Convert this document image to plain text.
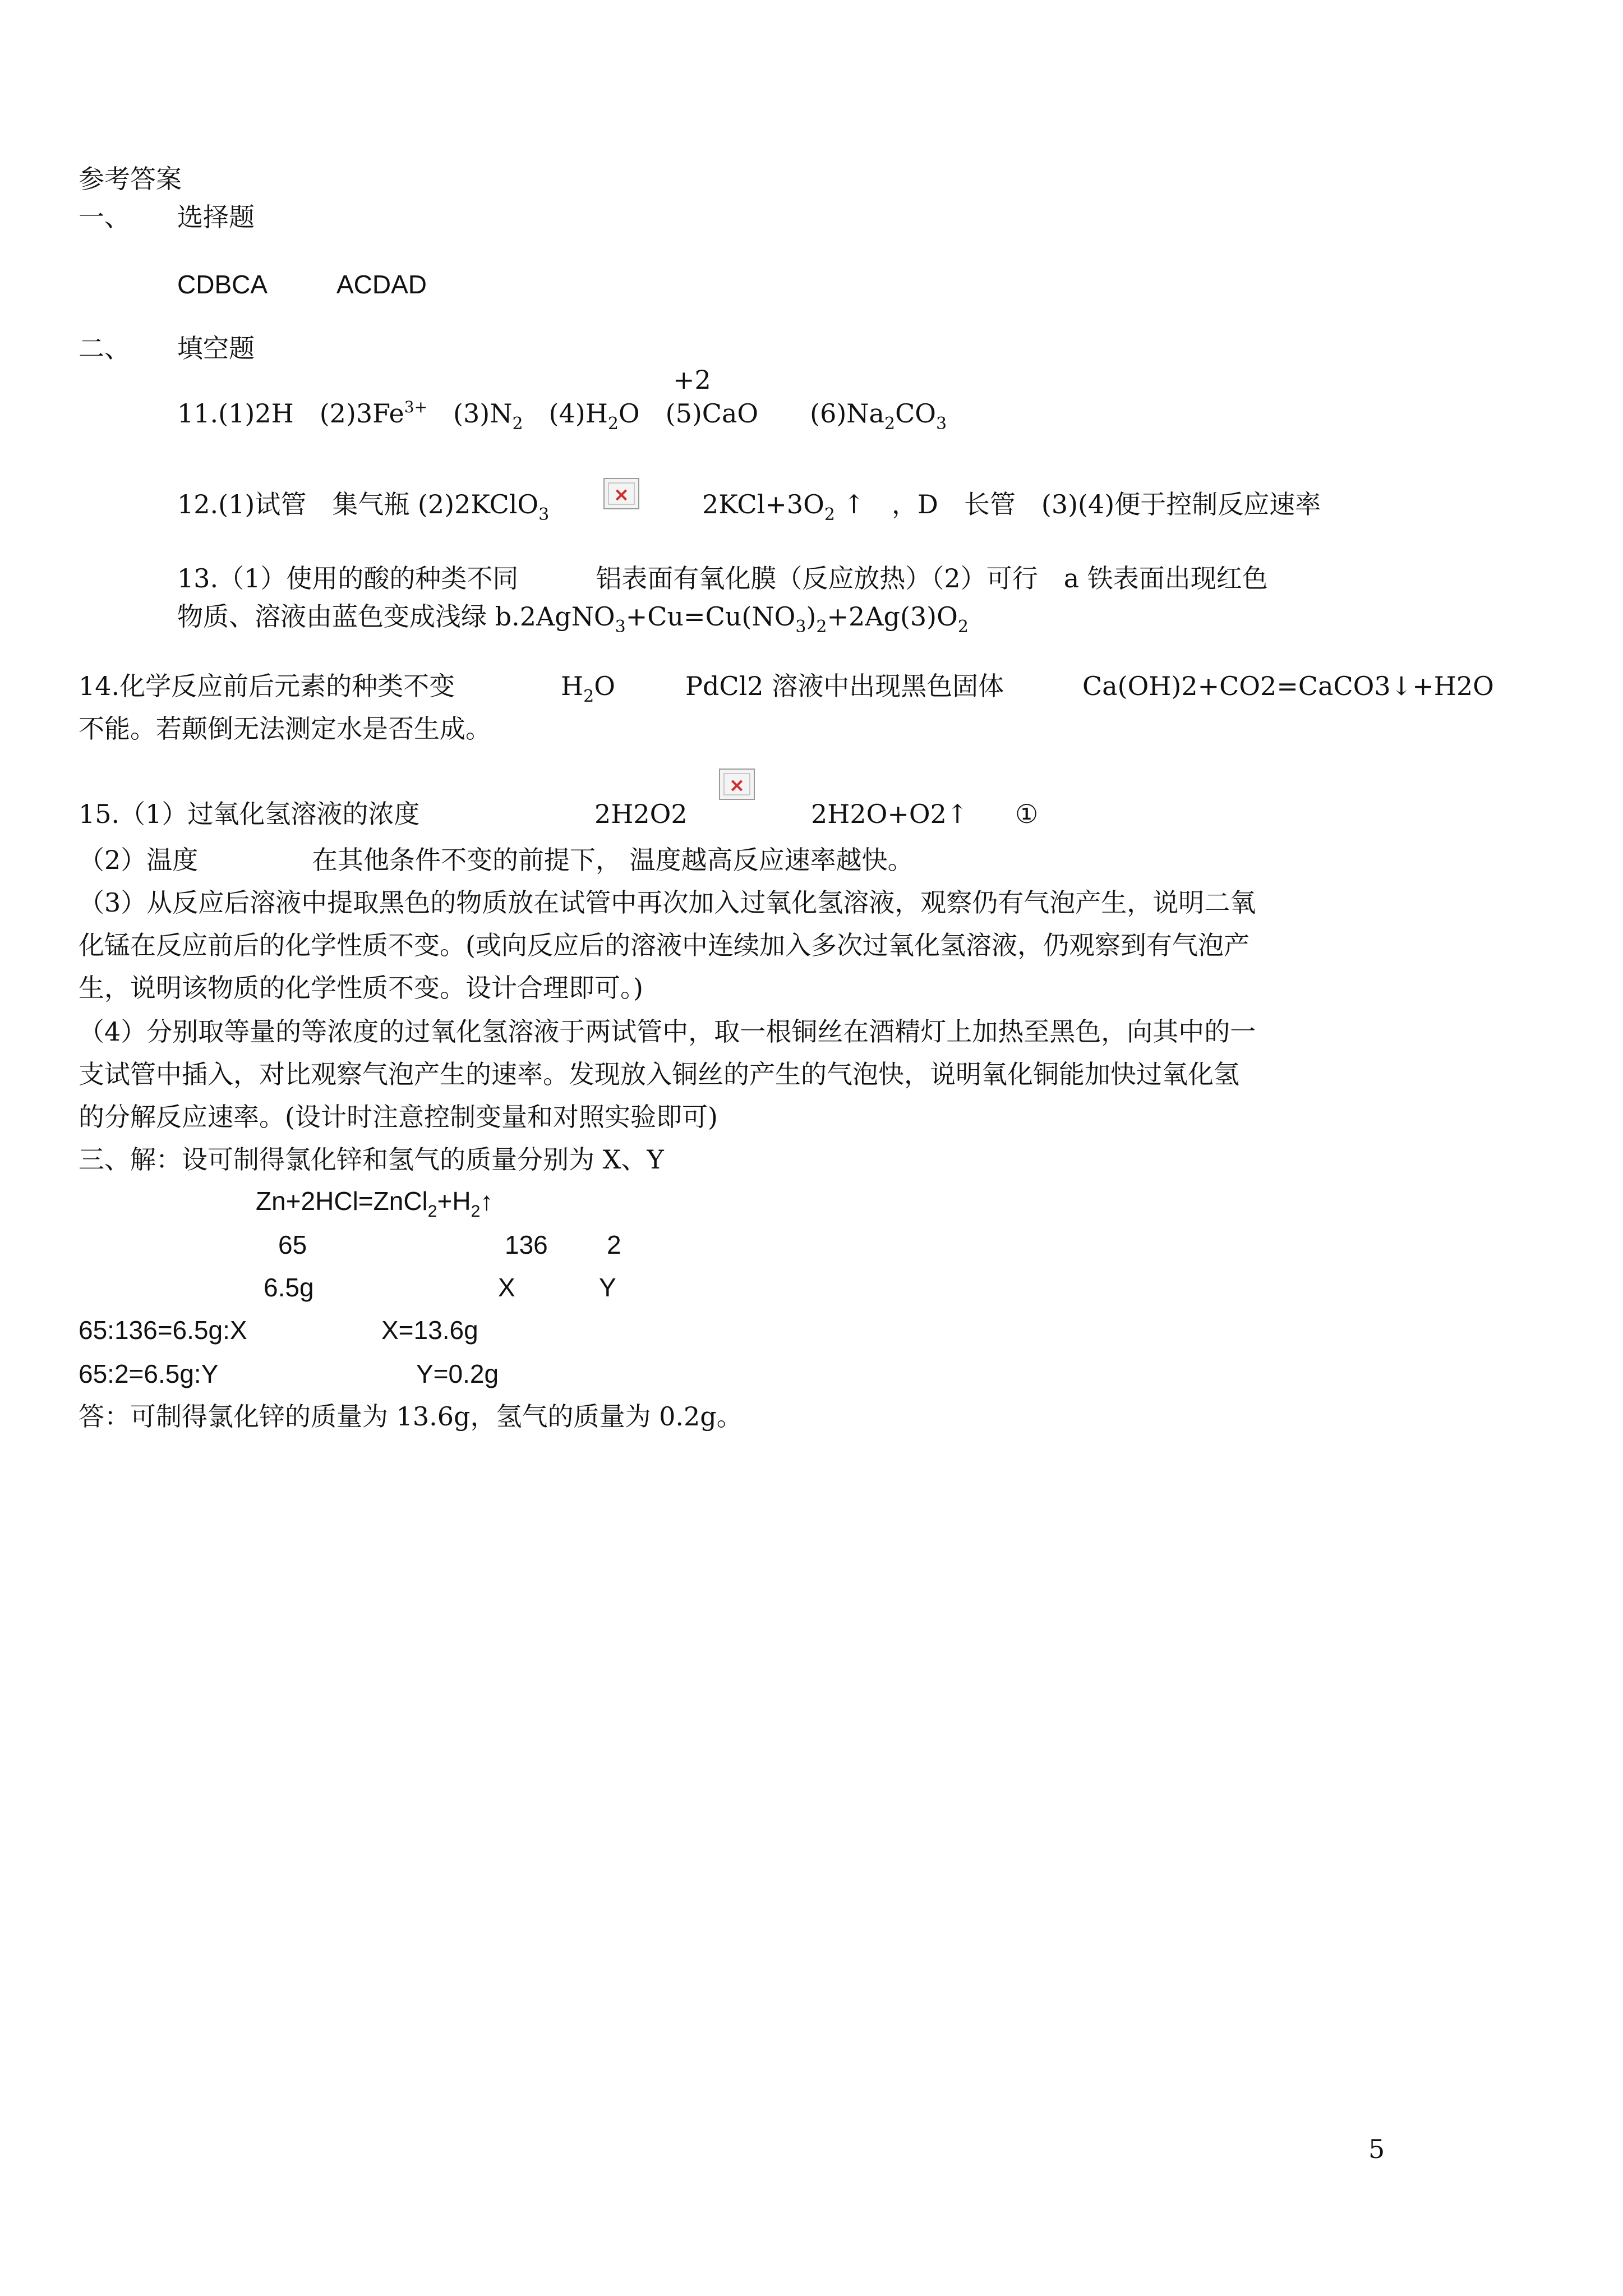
参考答案
一、 选择题
CDBCA	ACDAD
二、 填空题
+2
11.(1)2H　$(2)3Fe^{3+}$　$(3)N_2$　$(4)H_2O$　(5)CaO　　$(6)Na_2CO_3$
12.(1)试管　集气瓶 (2)2KClO$_3$
×	$2KCl+3O_2$ ↑ ，D　长管　(3)(4)便于控制反应速率
13.（1）使用的酸的种类不同　　　铝表面有氧化膜（反应放热）（2）可行　a 铁表面出现红色
物质、溶液由蓝色变成浅绿 $b.2AgNO_3+Cu=Cu(NO_3)_2+2Ag(3)O_2$
14.化学反应前后元素的种类不变	$H_2O$	PdCl2 溶液中出现黑色固体	Ca(OH)2+CO2=CaCO3↓+H2O
不能。若颠倒无法测定水是否生成。
15.（1）过氧化氢溶液的浓度	2H2O2
×
2H2O+O2↑ ①
（2）温度	在其他条件不变的前提下， 温度越高反应速率越快。
（3）从反应后溶液中提取黑色的物质放在试管中再次加入过氧化氢溶液，观察仍有气泡产生，说明二氧
化锰在反应前后的化学性质不变。(或向反应后的溶液中连续加入多次过氧化氢溶液，仍观察到有气泡产
生，说明该物质的化学性质不变。设计合理即可。)
（4）分别取等量的等浓度的过氧化氢溶液于两试管中，取一根铜丝在酒精灯上加热至黑色，向其中的一
支试管中插入，对比观察气泡产生的速率。发现放入铜丝的产生的气泡快，说明氧化铜能加快过氧化氢
的分解反应速率。(设计时注意控制变量和对照实验即可)
三、解：设可制得氯化锌和氢气的质量分别为 X、Y
$Zn+2HCl=ZnCl_2+H_2↑$
65	136 2
6.5g	X	Y
65:136=6.5g:X	X=13.6g
65:2=6.5g:Y	Y=0.2g
答：可制得氯化锌的质量为 13.6g，氢气的质量为 0.2g。
5
